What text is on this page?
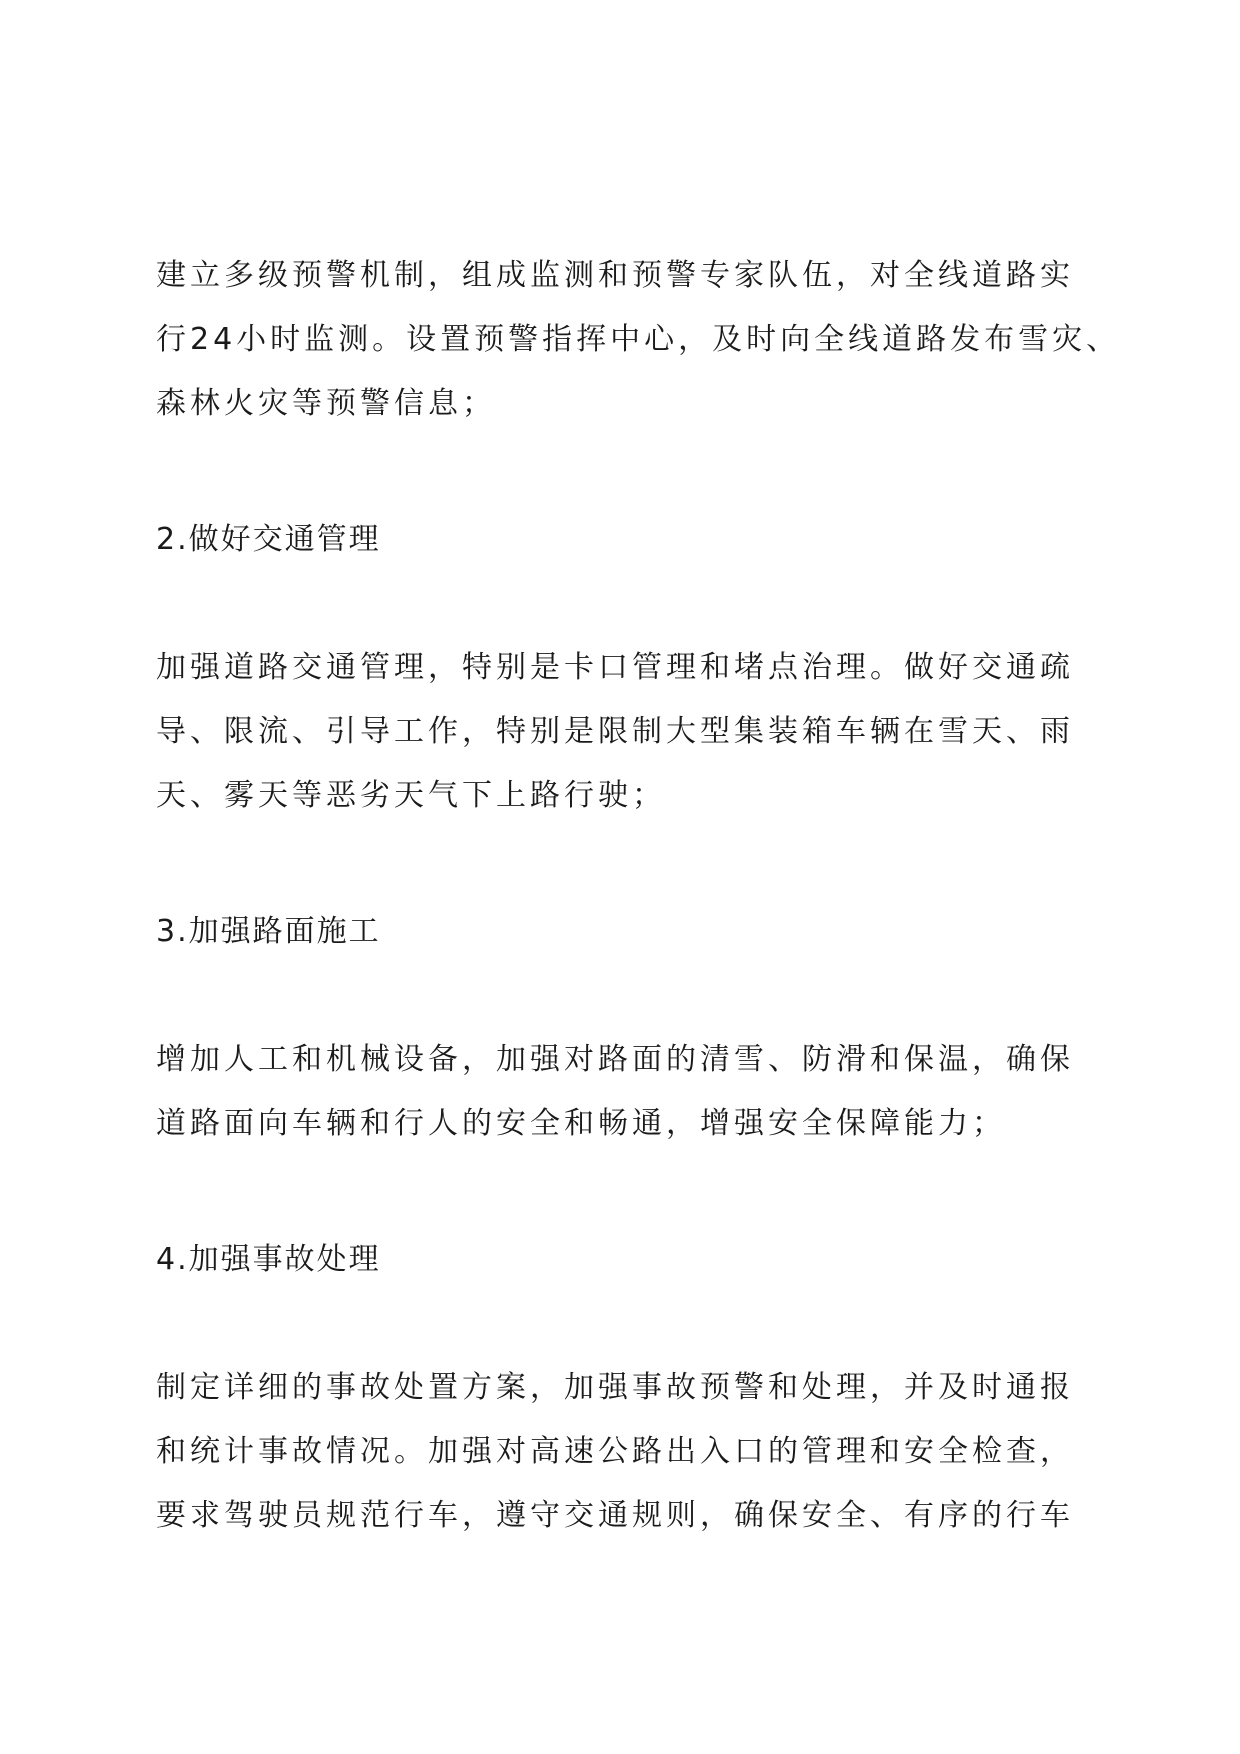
建立多级预警机制，组成监测和预警专家队伍，对全线道路实
行24小时监测。设置预警指挥中心，及时向全线道路发布雪灾、
森林火灾等预警信息；
2.做好交通管理
加强道路交通管理，特别是卡口管理和堵点治理。做好交通疏
导、限流、引导工作，特别是限制大型集装箱车辆在雪天、雨
天、雾天等恶劣天气下上路行驶；
3.加强路面施工
增加人工和机械设备，加强对路面的清雪、防滑和保温，确保
道路面向车辆和行人的安全和畅通，增强安全保障能力；
4.加强事故处理
制定详细的事故处置方案，加强事故预警和处理，并及时通报
和统计事故情况。加强对高速公路出入口的管理和安全检查，
要求驾驶员规范行车，遵守交通规则，确保安全、有序的行车
